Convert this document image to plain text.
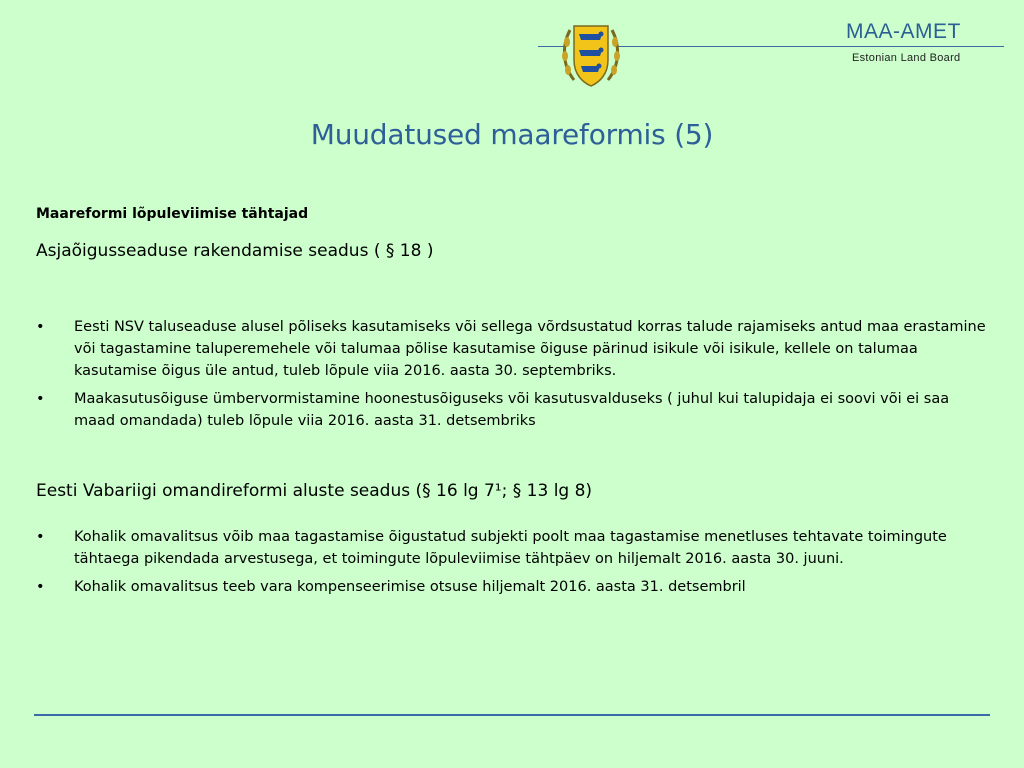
MAA-AMET
Estonian Land Board
Muudatused maareformis (5)
Maareformi lõpuleviimise tähtajad
Asjaõigusseaduse rakendamise seadus ( § 18 )
•	Eesti NSV taluseaduse alusel põliseks kasutamiseks või sellega võrdsustatud korras talude rajamiseks antud maa erastamine või tagastamine taluperemehele või talumaa põlise kasutamise õiguse pärinud isikule või isikule, kellele on talumaa kasutamise õigus üle antud, tuleb lõpule viia 2016. aasta 30. septembriks.
•	Maakasutusõiguse ümbervormistamine hoonestusõiguseks või kasutusvalduseks ( juhul kui talupidaja ei soovi või ei saa maad omandada) tuleb lõpule viia 2016. aasta 31. detsembriks
Eesti Vabariigi omandireformi aluste seadus (§ 16 lg 7¹; § 13 lg 8)
•	Kohalik omavalitsus võib maa tagastamise õigustatud subjekti poolt maa tagastamise menetluses tehtavate toimingute tähtaega pikendada arvestusega, et toimingute lõpuleviimise tähtpäev on hiljemalt 2016. aasta 30. juuni.
•	Kohalik omavalitsus teeb vara kompenseerimise otsuse hiljemalt 2016. aasta 31. detsembril
